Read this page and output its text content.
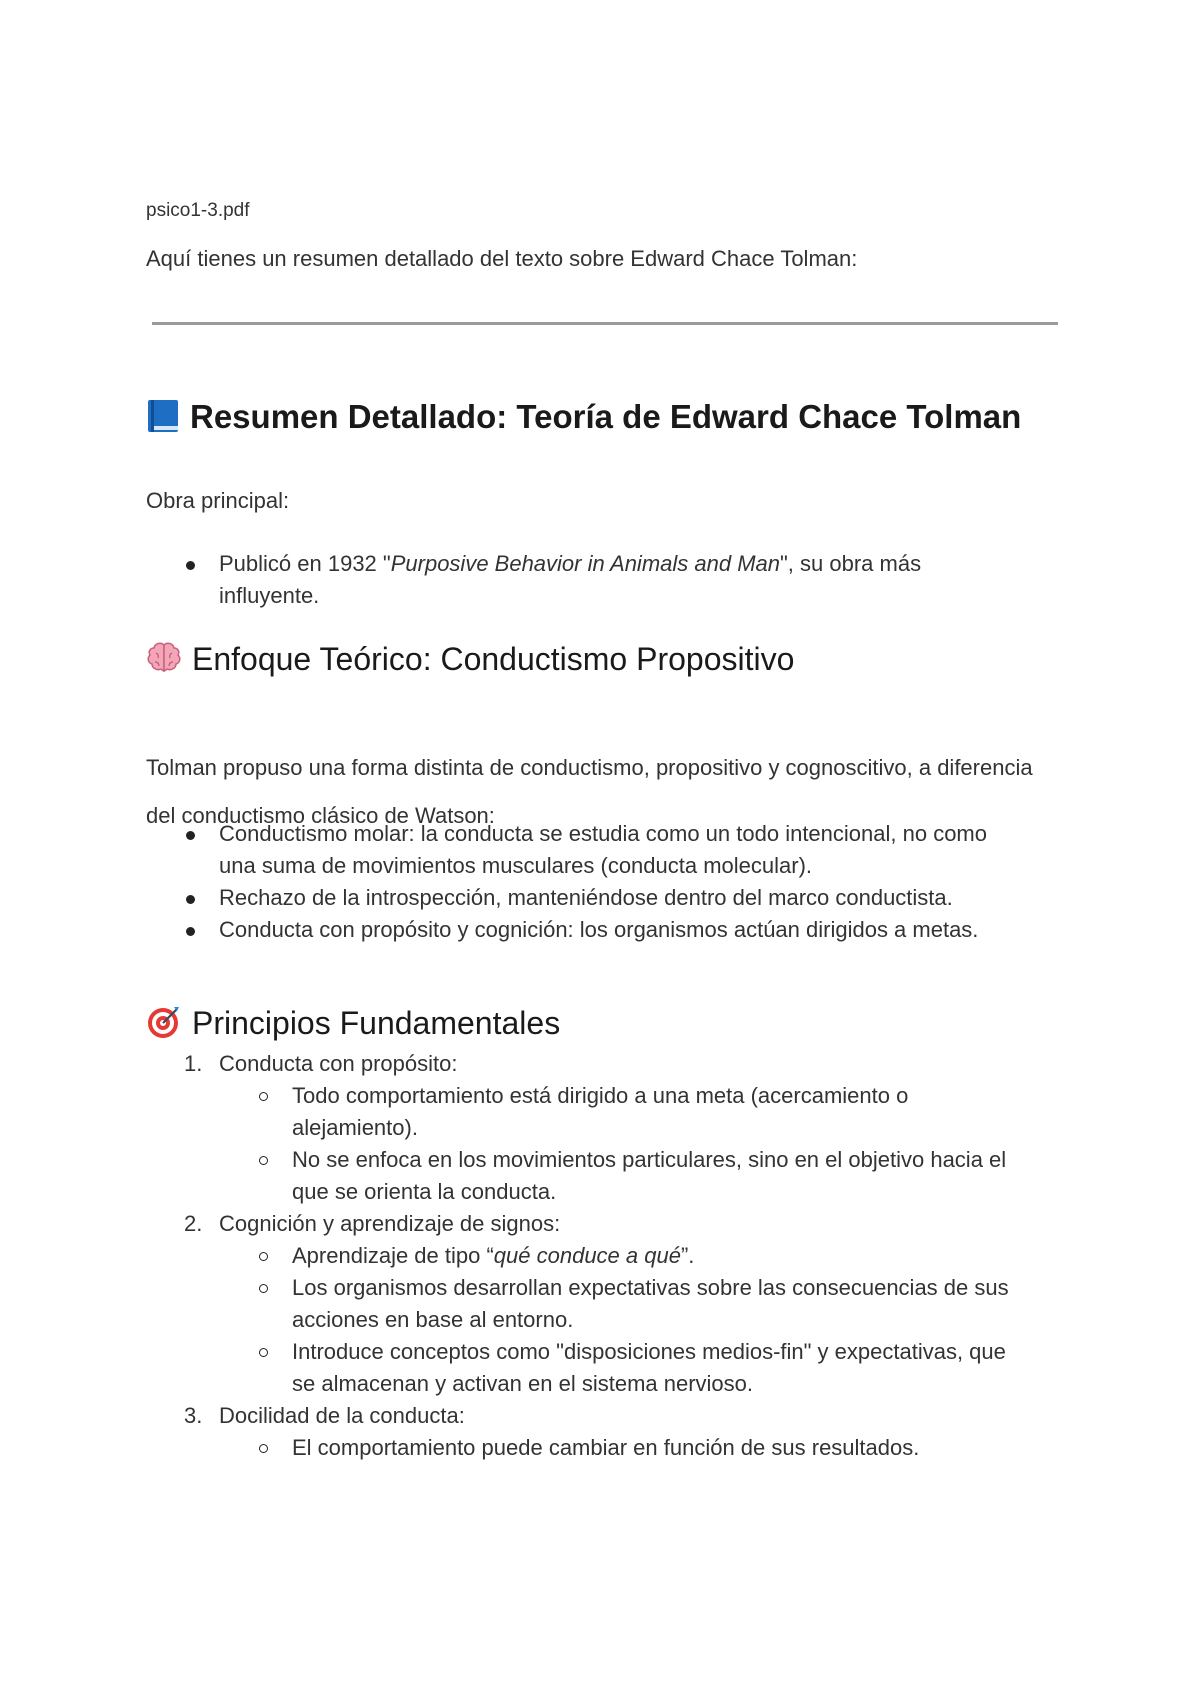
psico1-3.pdf
Aquí tienes un resumen detallado del texto sobre Edward Chace Tolman:
Resumen Detallado: Teoría de Edward Chace Tolman
Obra principal:
Publicó en 1932 "Purposive Behavior in Animals and Man", su obra más influyente.
Enfoque Teórico: Conductismo Propositivo
Tolman propuso una forma distinta de conductismo, propositivo y cognoscitivo, a diferencia del conductismo clásico de Watson:
Conductismo molar: la conducta se estudia como un todo intencional, no como una suma de movimientos musculares (conducta molecular).
Rechazo de la introspección, manteniéndose dentro del marco conductista.
Conducta con propósito y cognición: los organismos actúan dirigidos a metas.
Principios Fundamentales
1. Conducta con propósito:
Todo comportamiento está dirigido a una meta (acercamiento o alejamiento).
No se enfoca en los movimientos particulares, sino en el objetivo hacia el que se orienta la conducta.
2. Cognición y aprendizaje de signos:
Aprendizaje de tipo “qué conduce a qué”.
Los organismos desarrollan expectativas sobre las consecuencias de sus acciones en base al entorno.
Introduce conceptos como "disposiciones medios-fin" y expectativas, que se almacenan y activan en el sistema nervioso.
3. Docilidad de la conducta:
El comportamiento puede cambiar en función de sus resultados.
